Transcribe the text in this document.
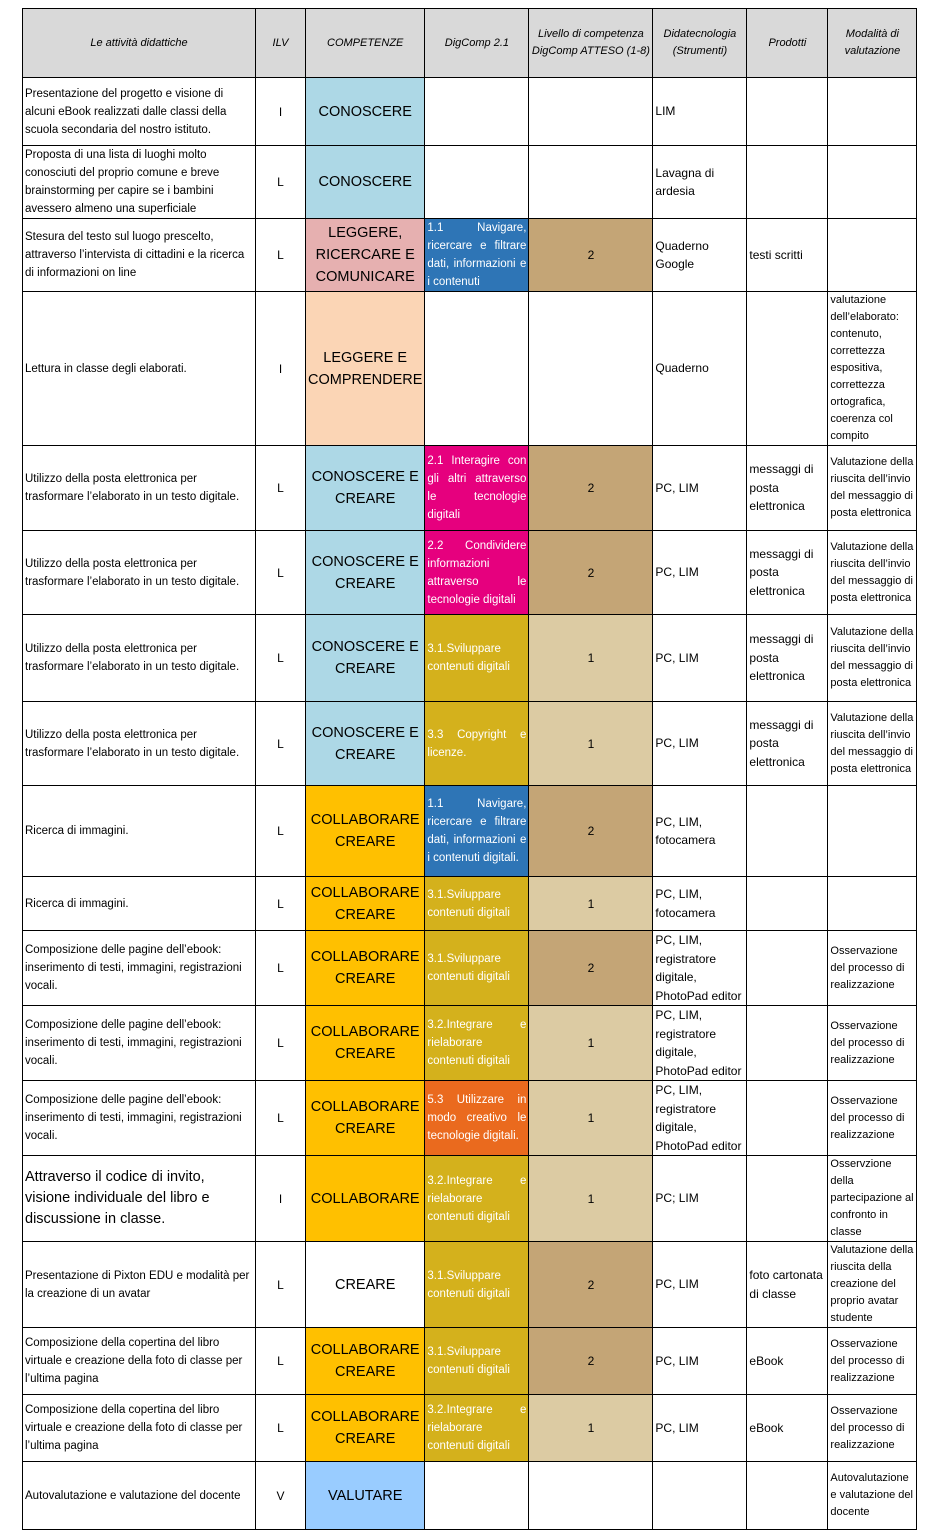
Le attività didattiche	ILV	COMPETENZE	DigComp 2.1	Livello di competenza DigComp ATTESO (1-8)	Didatecnologia (Strumenti)	Prodotti	Modalità di valutazione
Presentazione del progetto e visione di alcuni eBook realizzati dalle classi della scuola secondaria del nostro istituto.	I	CONOSCERE			LIM		
Proposta di una lista di luoghi molto conosciuti del proprio comune e breve brainstorming per capire se i bambini avessero almeno una superficiale	L	CONOSCERE			Lavagna di ardesia		
Stesura del testo sul luogo prescelto, attraverso l’intervista di cittadini e la ricerca di informazioni on line	L	LEGGERE, RICERCARE E COMUNICARE	1.1 Navigare, ricercare e filtrare dati, informazioni e i contenuti	2	Quaderno Google	testi scritti	
Lettura in classe degli elaborati.	I	LEGGERE E COMPRENDERE			Quaderno		valutazione dell’elaborato: contenuto, correttezza espositiva, correttezza ortografica, coerenza col compito
Utilizzo della posta elettronica per trasformare l’elaborato in un testo digitale.	L	CONOSCERE E CREARE	2.1 Interagire con gli altri attraverso le tecnologie digitali	2	PC, LIM	messaggi di posta elettronica	Valutazione della riuscita dell’invio del messaggio di posta elettronica
Utilizzo della posta elettronica per trasformare l’elaborato in un testo digitale.	L	CONOSCERE E CREARE	2.2 Condividere informazioni attraverso le tecnologie digitali	2	PC, LIM	messaggi di posta elettronica	Valutazione della riuscita dell’invio del messaggio di posta elettronica
Utilizzo della posta elettronica per trasformare l’elaborato in un testo digitale.	L	CONOSCERE E CREARE	3.1.Sviluppare contenuti digitali	1	PC, LIM	messaggi di posta elettronica	Valutazione della riuscita dell’invio del messaggio di posta elettronica
Utilizzo della posta elettronica per trasformare l’elaborato in un testo digitale.	L	CONOSCERE E CREARE	3.3 Copyright e licenze.	1	PC, LIM	messaggi di posta elettronica	Valutazione della riuscita dell’invio del messaggio di posta elettronica
Ricerca di immagini.	L	COLLABORARE CREARE	1.1 Navigare, ricercare e filtrare dati, informazioni e i contenuti digitali.	2	PC, LIM, fotocamera		
Ricerca di immagini.	L	COLLABORARE CREARE	3.1.Sviluppare contenuti digitali	1	PC, LIM, fotocamera		
Composizione delle pagine dell’ebook: inserimento di testi, immagini, registrazioni vocali.	L	COLLABORARE CREARE	3.1.Sviluppare contenuti digitali	2	PC, LIM, registratore digitale, PhotoPad editor		Osservazione del processo di realizzazione
Composizione delle pagine dell’ebook: inserimento di testi, immagini, registrazioni vocali.	L	COLLABORARE CREARE	3.2.Integrare e rielaborare contenuti digitali	1	PC, LIM, registratore digitale, PhotoPad editor		Osservazione del processo di realizzazione
Composizione delle pagine dell’ebook: inserimento di testi, immagini, registrazioni vocali.	L	COLLABORARE CREARE	5.3 Utilizzare in modo creativo le tecnologie digitali.	1	PC, LIM, registratore digitale, PhotoPad editor		Osservazione del processo di realizzazione
Attraverso il codice di invito, visione individuale del libro e discussione in classe.	I	COLLABORARE	3.2.Integrare e rielaborare contenuti digitali	1	PC; LIM		Osservzione della partecipazione al confronto in classe
Presentazione di Pixton EDU e modalità per la creazione di un avatar	L	CREARE	3.1.Sviluppare contenuti digitali	2	PC, LIM	foto cartonata di classe	Valutazione della riuscita della creazione del proprio avatar studente
Composizione della copertina del libro virtuale e creazione della foto di classe per l’ultima pagina	L	COLLABORARE CREARE	3.1.Sviluppare contenuti digitali	2	PC, LIM	eBook	Osservazione del processo di realizzazione
Composizione della copertina del libro virtuale e creazione della foto di classe per l’ultima pagina	L	COLLABORARE CREARE	3.2.Integrare e rielaborare contenuti digitali	1	PC, LIM	eBook	Osservazione del processo di realizzazione
Autovalutazione e valutazione del docente	V	VALUTARE					Autovalutazione e valutazione del docente
